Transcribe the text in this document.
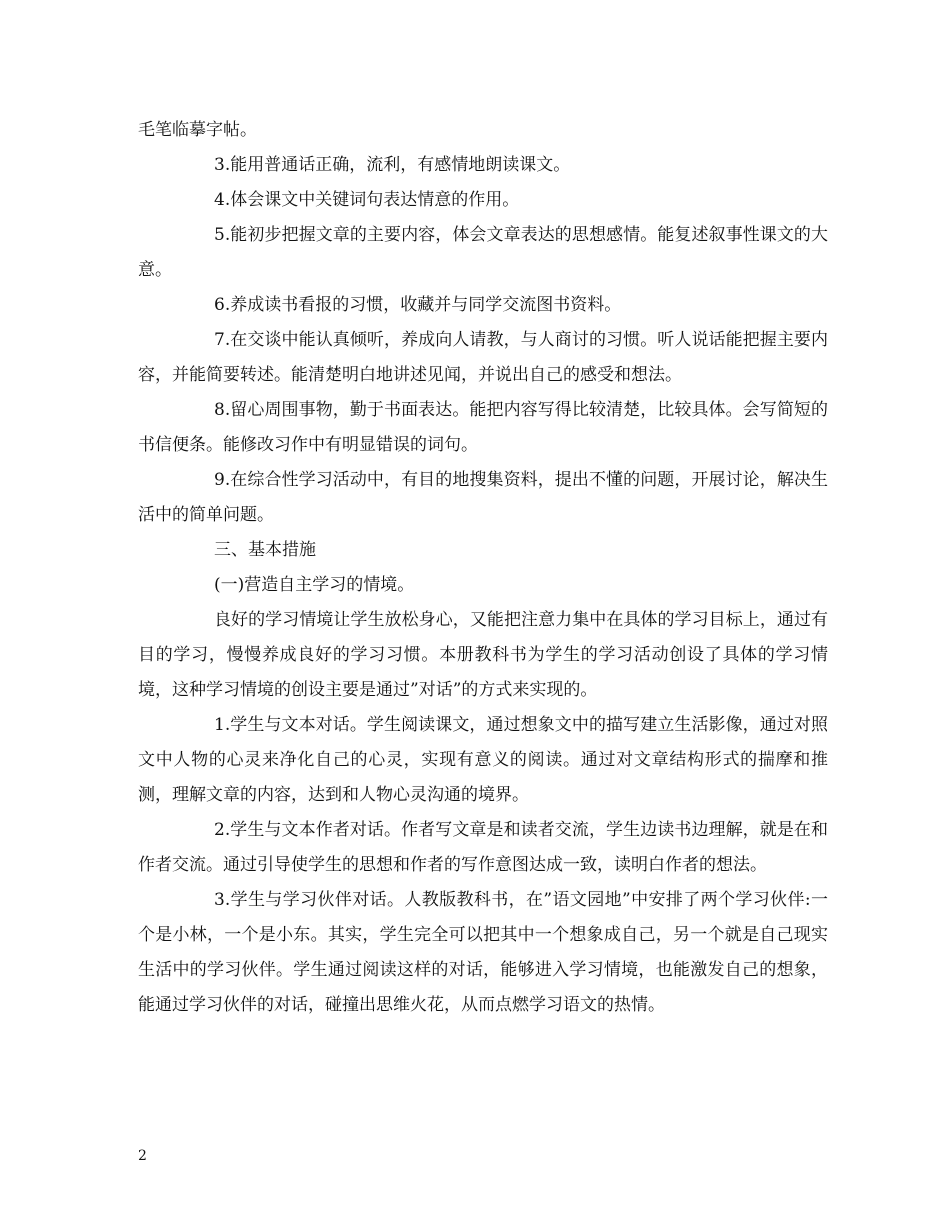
毛笔临摹字帖。

3.能用普通话正确，流利，有感情地朗读课文。

4.体会课文中关键词句表达情意的作用。

5.能初步把握文章的主要内容，体会文章表达的思想感情。能复述叙事性课文的大意。

6.养成读书看报的习惯，收藏并与同学交流图书资料。

7.在交谈中能认真倾听，养成向人请教，与人商讨的习惯。听人说话能把握主要内容，并能简要转述。能清楚明白地讲述见闻，并说出自己的感受和想法。

8.留心周围事物，勤于书面表达。能把内容写得比较清楚，比较具体。会写简短的书信便条。能修改习作中有明显错误的词句。

9.在综合性学习活动中，有目的地搜集资料，提出不懂的问题，开展讨论，解决生活中的简单问题。

三、基本措施

(一)营造自主学习的情境。

良好的学习情境让学生放松身心，又能把注意力集中在具体的学习目标上，通过有目的学习，慢慢养成良好的学习习惯。本册教科书为学生的学习活动创设了具体的学习情境，这种学习情境的创设主要是通过”对话”的方式来实现的。

1.学生与文本对话。学生阅读课文，通过想象文中的描写建立生活影像，通过对照文中人物的心灵来净化自己的心灵，实现有意义的阅读。通过对文章结构形式的揣摩和推测，理解文章的内容，达到和人物心灵沟通的境界。

2.学生与文本作者对话。作者写文章是和读者交流，学生边读书边理解，就是在和作者交流。通过引导使学生的思想和作者的写作意图达成一致，读明白作者的想法。

3.学生与学习伙伴对话。人教版教科书，在”语文园地”中安排了两个学习伙伴:一个是小林，一个是小东。其实，学生完全可以把其中一个想象成自己，另一个就是自己现实生活中的学习伙伴。学生通过阅读这样的对话，能够进入学习情境，也能激发自己的想象，能通过学习伙伴的对话，碰撞出思维火花，从而点燃学习语文的热情。

2
